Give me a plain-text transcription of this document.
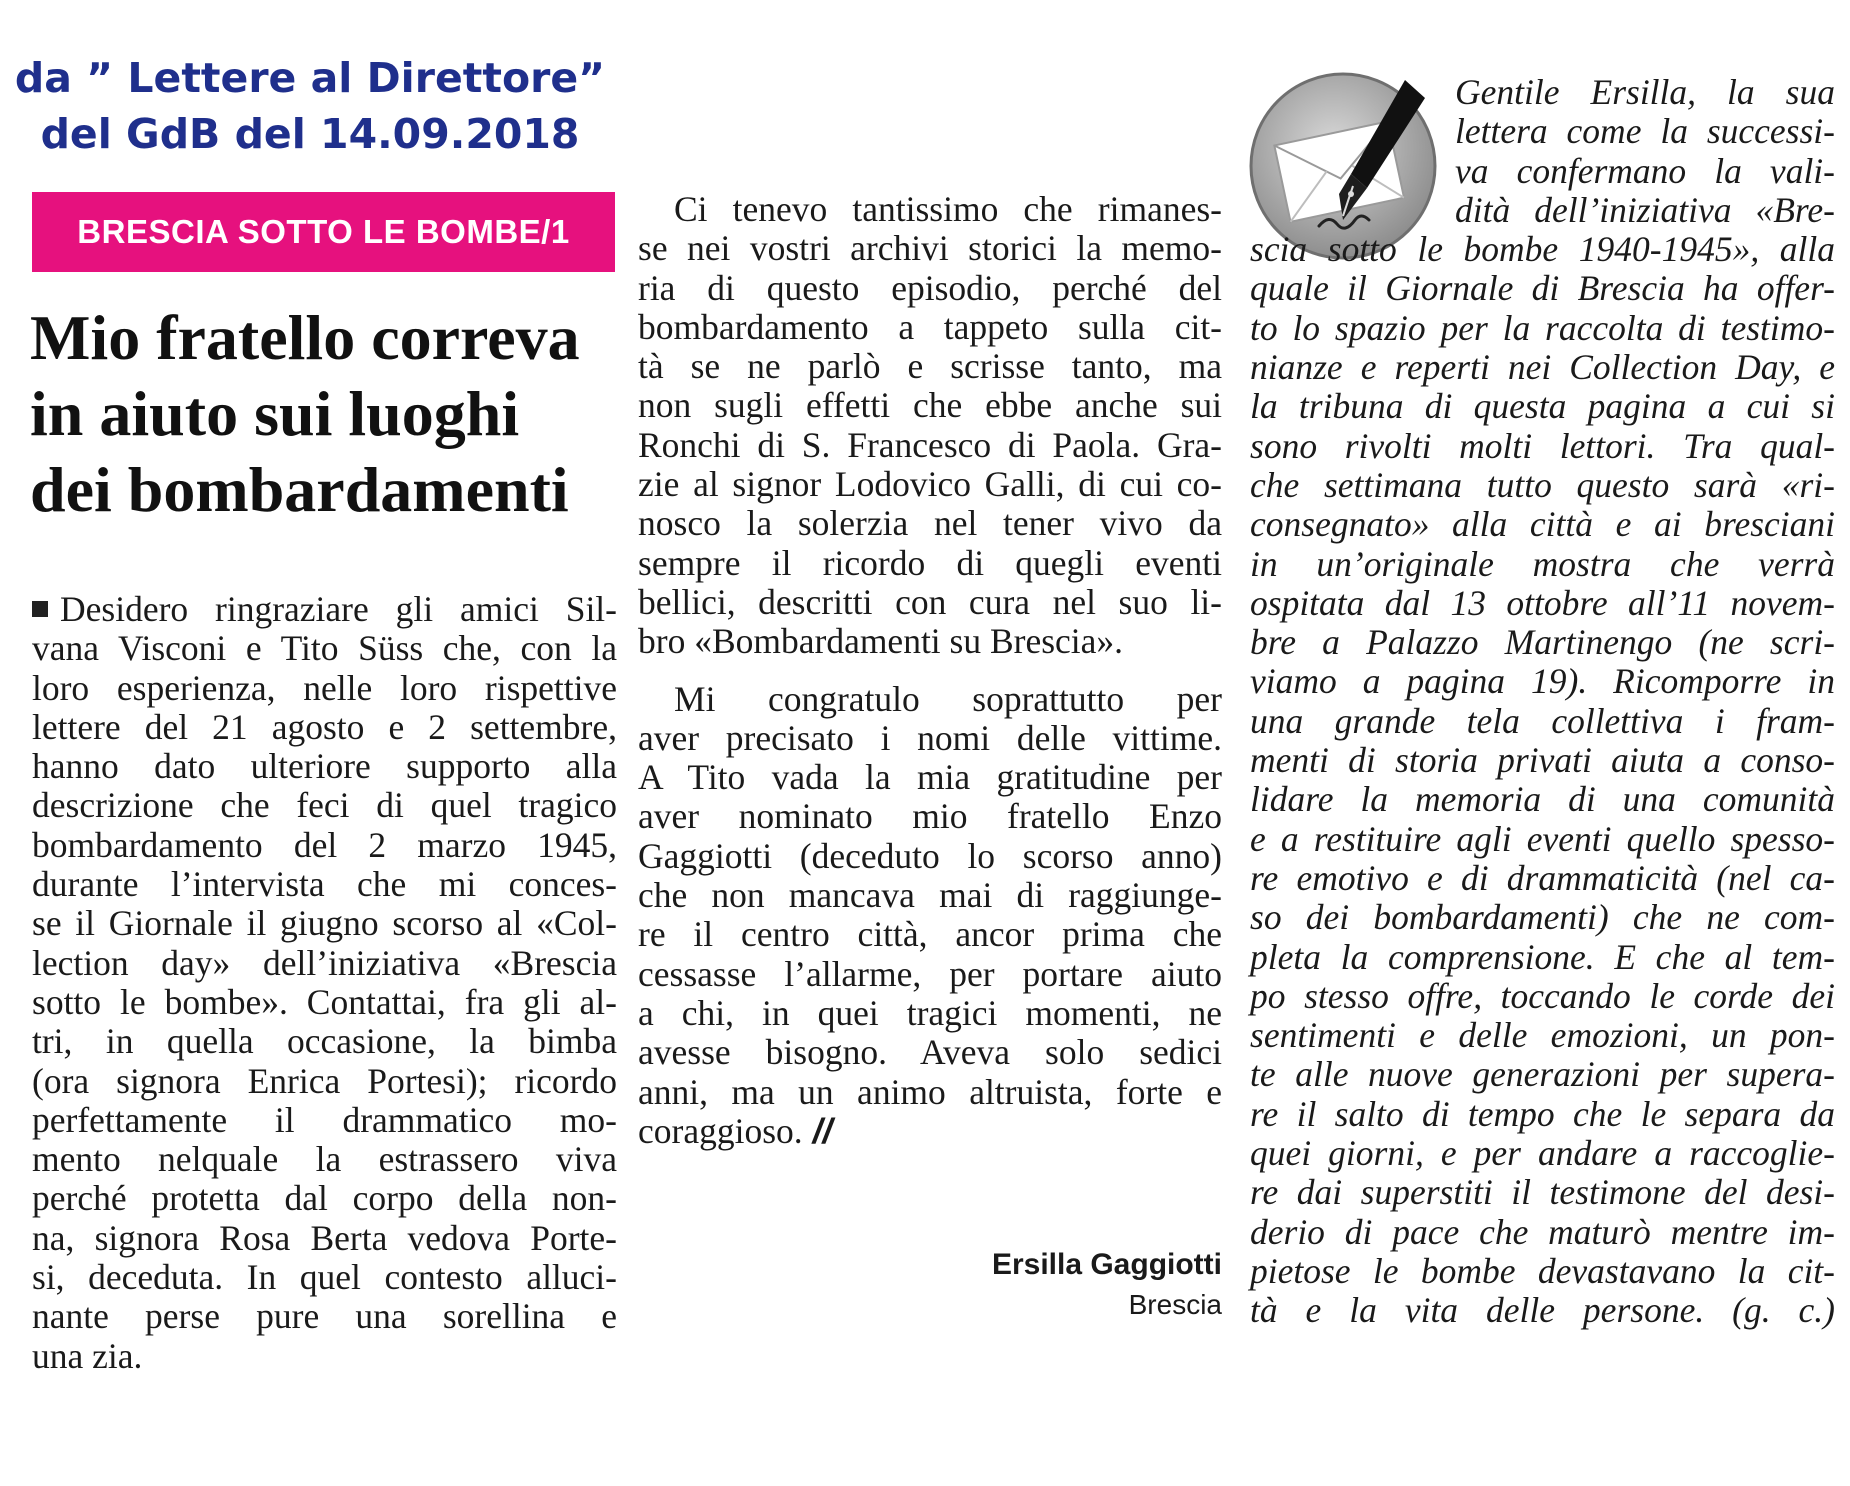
da ” Lettere al Direttore”
del GdB del 14.09.2018
BRESCIA SOTTO LE BOMBE/1
Mio fratello correva
in aiuto sui luoghi
dei bombardamenti
Desidero ringraziare gli amici Sil-
vana Visconi e Tito Süss che, con la
loro esperienza, nelle loro rispettive
lettere del 21 agosto e 2 settembre,
hanno dato ulteriore supporto alla
descrizione che feci di quel tragico
bombardamento del 2 marzo 1945,
durante l’intervista che mi conces-
se il Giornale il giugno scorso al «Col-
lection day» dell’iniziativa «Brescia
sotto le bombe». Contattai, fra gli al-
tri, in quella occasione, la bimba
(ora signora Enrica Portesi); ricordo
perfettamente il drammatico mo-
mento nelquale la estrassero viva
perché protetta dal corpo della non-
na, signora Rosa Berta vedova Porte-
si, deceduta. In quel contesto alluci-
nante perse pure una sorellina e
una zia.
Ci tenevo tantissimo che rimanes-
se nei vostri archivi storici la memo-
ria di questo episodio, perché del
bombardamento a tappeto sulla cit-
tà se ne parlò e scrisse tanto, ma
non sugli effetti che ebbe anche sui
Ronchi di S. Francesco di Paola. Gra-
zie al signor Lodovico Galli, di cui co-
nosco la solerzia nel tener vivo da
sempre il ricordo di quegli eventi
bellici, descritti con cura nel suo li-
bro «Bombardamenti su Brescia».
Mi congratulo soprattutto per
aver precisato i nomi delle vittime.
A Tito vada la mia gratitudine per
aver nominato mio fratello Enzo
Gaggiotti (deceduto lo scorso anno)
che non mancava mai di raggiunge-
re il centro città, ancor prima che
cessasse l’allarme, per portare aiuto
a chi, in quei tragici momenti, ne
avesse bisogno. Aveva solo sedici
anni, ma un animo altruista, forte e
coraggioso. //
Ersilla Gaggiotti
Brescia
Gentile Ersilla, la sua
lettera come la successi-
va confermano la vali-
dità dell’iniziativa «Bre-
scia sotto le bombe 1940-1945», alla
quale il Giornale di Brescia ha offer-
to lo spazio per la raccolta di testimo-
nianze e reperti nei Collection Day, e
la tribuna di questa pagina a cui si
sono rivolti molti lettori. Tra qual-
che settimana tutto questo sarà «ri-
consegnato» alla città e ai bresciani
in un’originale mostra che verrà
ospitata dal 13 ottobre all’11 novem-
bre a Palazzo Martinengo (ne scri-
viamo a pagina 19). Ricomporre in
una grande tela collettiva i fram-
menti di storia privati aiuta a conso-
lidare la memoria di una comunità
e a restituire agli eventi quello spesso-
re emotivo e di drammaticità (nel ca-
so dei bombardamenti) che ne com-
pleta la comprensione. E che al tem-
po stesso offre, toccando le corde dei
sentimenti e delle emozioni, un pon-
te alle nuove generazioni per supera-
re il salto di tempo che le separa da
quei giorni, e per andare a raccoglie-
re dai superstiti il testimone del desi-
derio di pace che maturò mentre im-
pietose le bombe devastavano la cit-
tà e la vita delle persone. (g. c.)
